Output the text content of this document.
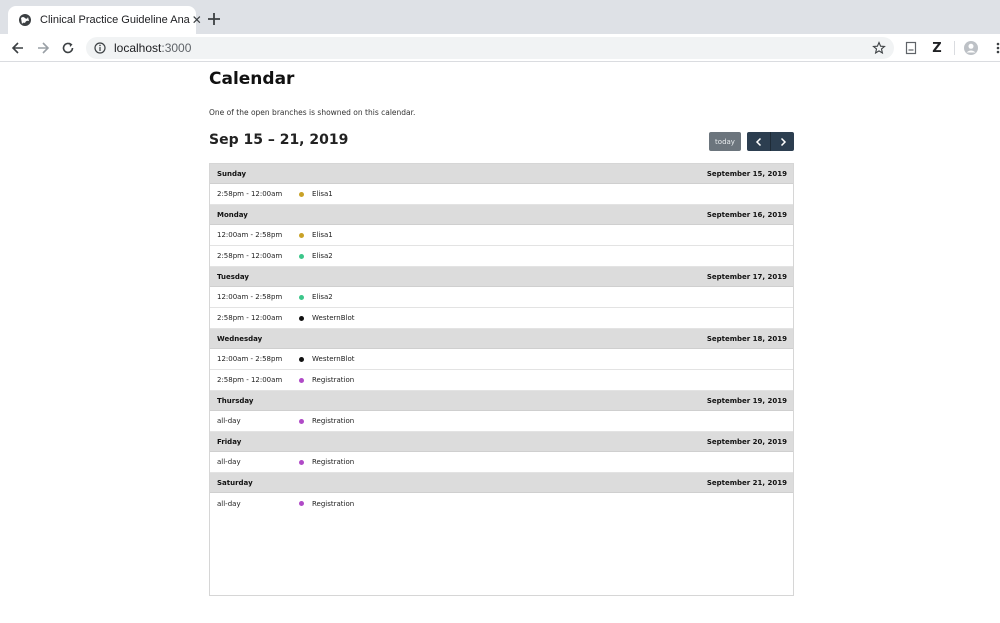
Clinical Practice Guideline Ana ✕
localhost:3000	Z
Calendar

One of the open branches is showned on this calendar.

Sep 15 – 21, 2019	today
Sunday	September 15, 2019
2:58pm - 12:00am	Elisa1
Monday	September 16, 2019
12:00am - 2:58pm	Elisa1
2:58pm - 12:00am	Elisa2
Tuesday	September 17, 2019
12:00am - 2:58pm	Elisa2
2:58pm - 12:00am	WesternBlot
Wednesday	September 18, 2019
12:00am - 2:58pm	WesternBlot
2:58pm - 12:00am	Registration
Thursday	September 19, 2019
all-day	Registration
Friday	September 20, 2019
all-day	Registration
Saturday	September 21, 2019
all-day	Registration
